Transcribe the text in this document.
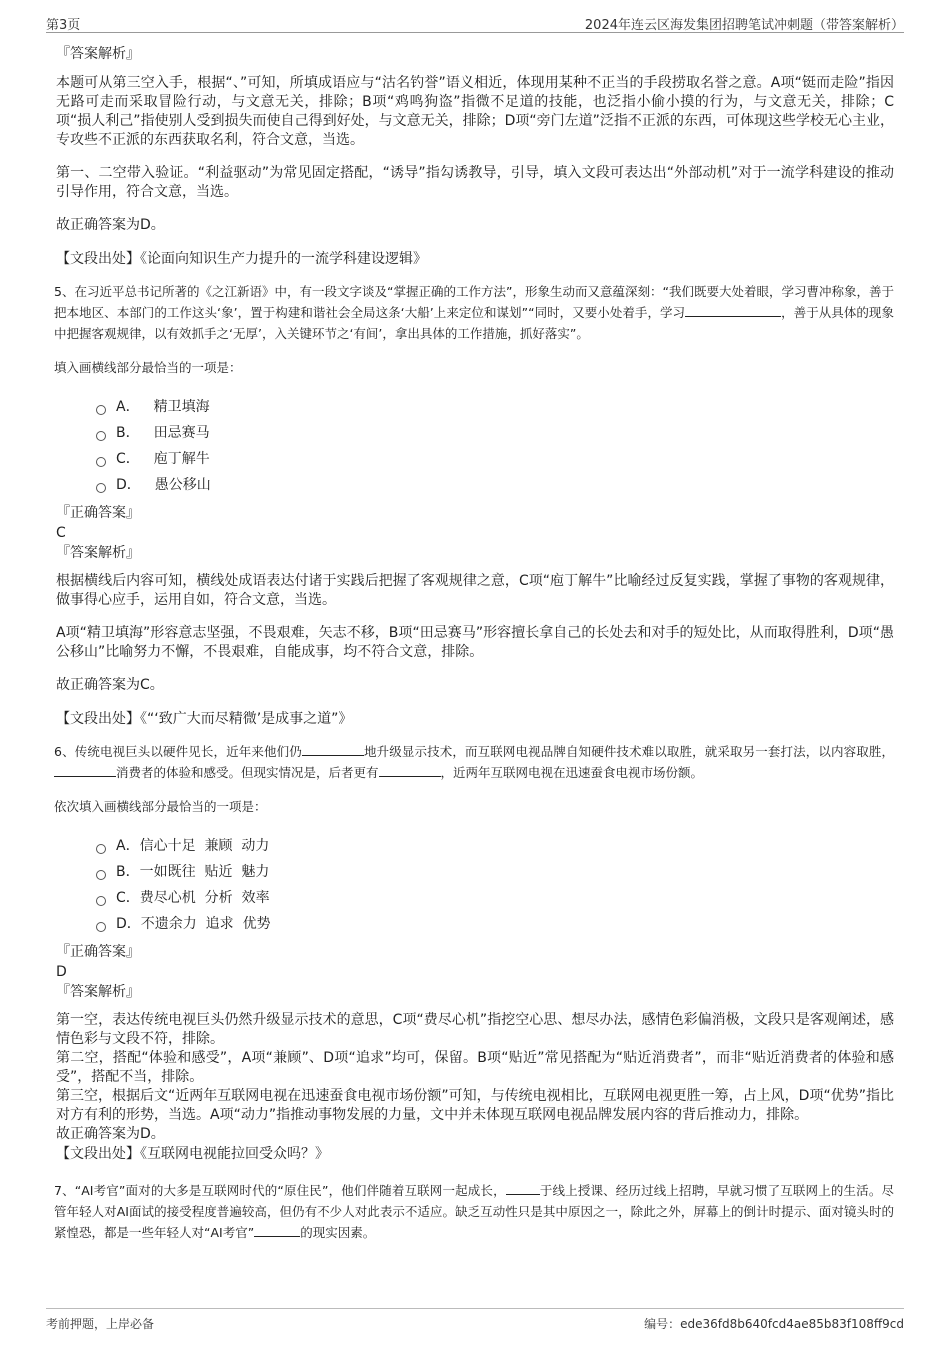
第3页	2024年连云区海发集团招聘笔试冲刺题（带答案解析）
『答案解析』
本题可从第三空入手，根据“、”可知，所填成语应与“沽名钓誉”语义相近，体现用某种不正当的手段捞取名誉之意。A项“铤而走险”指因无路可走而采取冒险行动，与文意无关，排除；B项“鸡鸣狗盗”指微不足道的技能，也泛指小偷小摸的行为，与文意无关，排除；C项“损人利己”指使别人受到损失而使自己得到好处，与文意无关，排除；D项“旁门左道”泛指不正派的东西，可体现这些学校无心主业，专攻些不正派的东西获取名利，符合文意，当选。
第一、二空带入验证。“利益驱动”为常见固定搭配，“诱导”指勾诱教导，引导，填入文段可表达出“外部动机”对于一流学科建设的推动引导作用，符合文意，当选。
故正确答案为D。
【文段出处】《论面向知识生产力提升的一流学科建设逻辑》
5、在习近平总书记所著的《之江新语》中，有一段文字谈及“掌握正确的工作方法”，形象生动而又意蕴深刻：“我们既要大处着眼，学习曹冲称象，善于把本地区、本部门的工作这头‘象’，置于构建和谐社会全局这条‘大船’上来定位和谋划”“同时，又要小处着手，学习	，善于从具体的现象中把握客观规律，以有效抓手之‘无厚’，入关键环节之‘有间’，拿出具体的工作措施，抓好落实”。
填入画横线部分最恰当的一项是：
A． 精卫填海
B． 田忌赛马
C． 庖丁解牛
D． 愚公移山
『正确答案』
C
『答案解析』
根据横线后内容可知，横线处成语表达付诸于实践后把握了客观规律之意，C项“庖丁解牛”比喻经过反复实践，掌握了事物的客观规律，做事得心应手，运用自如，符合文意，当选。
A项“精卫填海”形容意志坚强，不畏艰难，矢志不移，B项“田忌赛马”形容擅长拿自己的长处去和对手的短处比，从而取得胜利，D项“愚公移山”比喻努力不懈，不畏艰难，自能成事，均不符合文意，排除。
故正确答案为C。
【文段出处】《“‘致广大而尽精微’是成事之道”》
6、传统电视巨头以硬件见长，近年来他们仍	地升级显示技术，而互联网电视品牌自知硬件技术难以取胜，就采取另一套打法，以内容取胜，消费者的体验和感受。但现实情况是，后者更有	，近两年互联网电视在迅速蚕食电视市场份额。
依次填入画横线部分最恰当的一项是：
A． 信心十足  兼顾  动力
B． 一如既往  贴近  魅力
C． 费尽心机  分析  效率
D． 不遗余力  追求  优势
『正确答案』
D
『答案解析』
第一空，表达传统电视巨头仍然升级显示技术的意思，C项“费尽心机”指挖空心思、想尽办法，感情色彩偏消极，文段只是客观阐述，感情色彩与文段不符，排除。
第二空，搭配“体验和感受”，A项“兼顾”、D项“追求”均可，保留。B项“贴近”常见搭配为“贴近消费者”，而非“贴近消费者的体验和感受”，搭配不当，排除。
第三空，根据后文“近两年互联网电视在迅速蚕食电视市场份额”可知，与传统电视相比，互联网电视更胜一筹，占上风，D项“优势”指比对方有利的形势，当选。A项“动力”指推动事物发展的力量，文中并未体现互联网电视品牌发展内容的背后推动力，排除。
故正确答案为D。
【文段出处】《互联网电视能拉回受众吗？》
7、“AI考官”面对的大多是互联网时代的“原住民”，他们伴随着互联网一起成长，	于线上授课、经历过线上招聘，早就习惯了互联网上的生活。尽管年轻人对AI面试的接受程度普遍较高，但仍有不少人对此表示不适应。缺乏互动性只是其中原因之一，除此之外，屏幕上的倒计时提示、面对镜头时的紧惶恐，都是一些年轻人对“AI考官”	的现实因素。
考前押题，上岸必备	编号：ede36fd8b640fcd4ae85b83f108ff9cd
